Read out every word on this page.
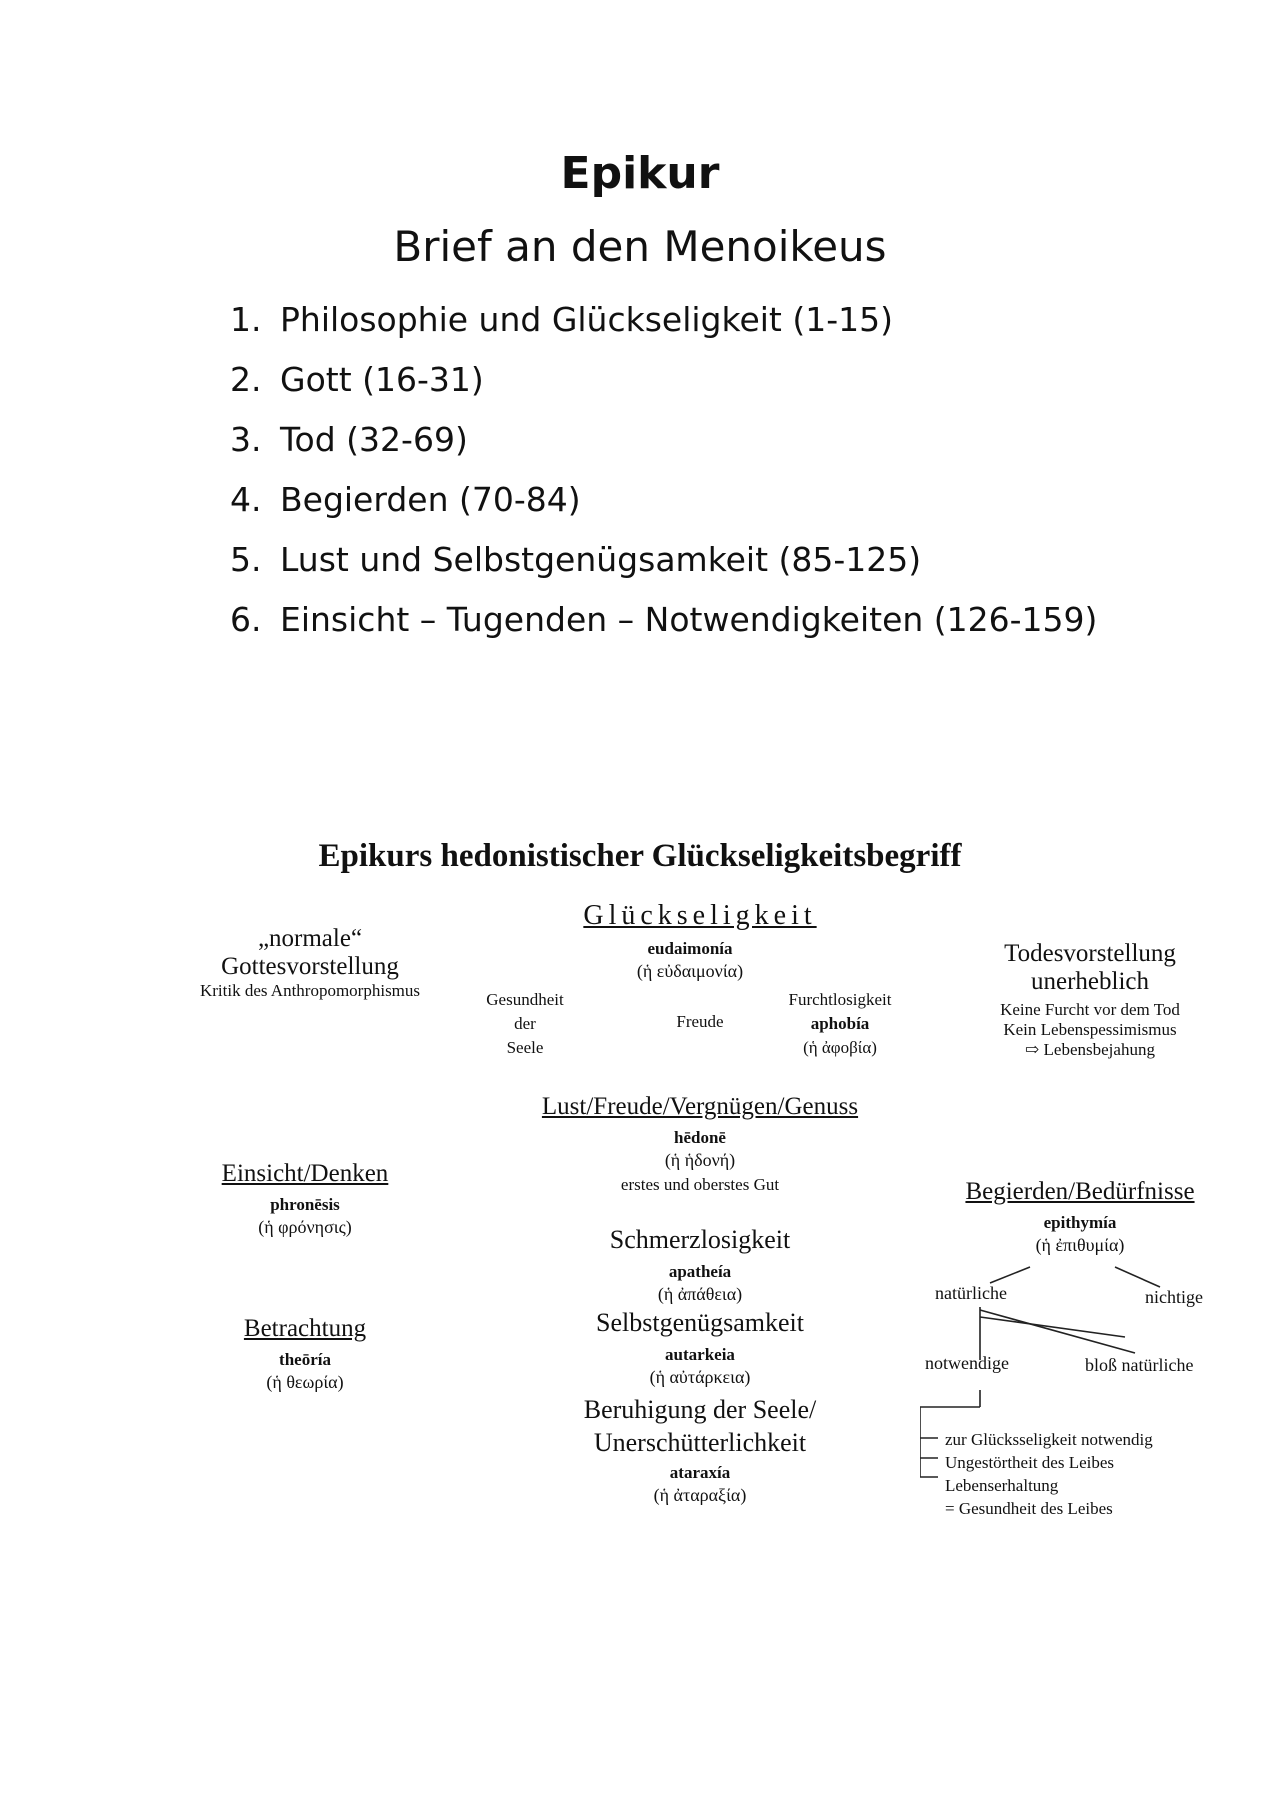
Epikur
Brief an den Menoikeus
1. Philosophie und Glückseligkeit (1-15)
2. Gott (16-31)
3. Tod (32-69)
4. Begierden (70-84)
5. Lust und Selbstgenügsamkeit (85-125)
6. Einsicht – Tugenden – Notwendigkeiten (126-159)
Epikurs hedonistischer Glückseligkeitsbegriff
„normale“
Gottesvorstellung
Kritik des Anthropomorphismus
Glückseligkeit
eudaimonía
(ἡ εὐδαιμονία)
Gesundheit
der
Seele
Freude
Furchtlosigkeit
aphobía
(ἡ ἀφοβία)
Todesvorstellung
unerheblich
Keine Furcht vor dem Tod
Kein Lebenspessimismus
⇨ Lebensbejahung
Lust/Freude/Vergnügen/Genuss
hēdonē
(ἡ ἡδονή)
erstes und oberstes Gut
Einsicht/Denken
phronēsis
(ἡ φρόνησις)
Betrachtung
theōría
(ἡ θεωρία)
Schmerzlosigkeit
apatheía
(ἡ ἀπάθεια)
Selbstgenügsamkeit
autarkeia
(ἡ αὐτάρκεια)
Beruhigung der Seele/
Unerschütterlichkeit
ataraxía
(ἡ ἀταραξία)
Begierden/Bedürfnisse
epithymía
(ἡ ἐπιθυμία)
natürliche	nichtige
notwendige	bloß natürliche
zur Glücksseligkeit notwendig
Ungestörtheit des Leibes
Lebenserhaltung
= Gesundheit des Leibes
